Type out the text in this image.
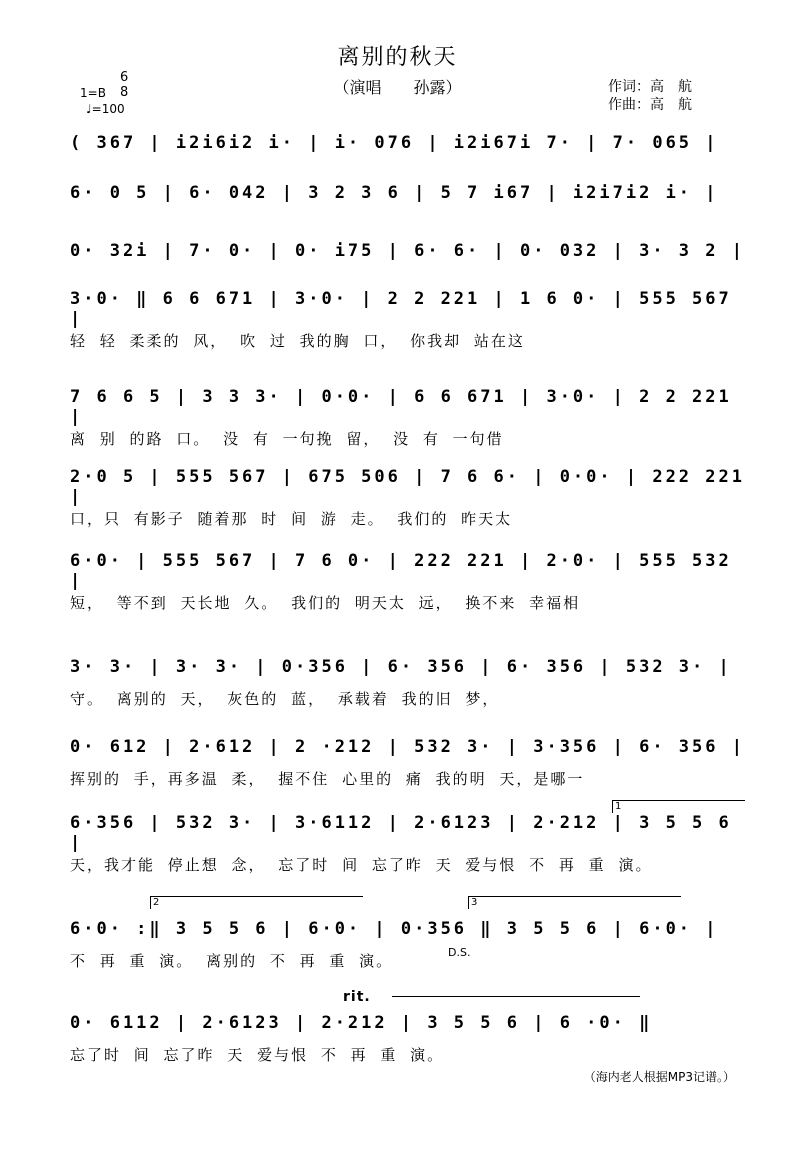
离别的秋天
（演唱　　孙露）
1=B
6
8
♩=100
作词：高　航
作曲：高　航
( 367 | i2i6i2 i· | i· 076 | i2i67i 7· | 7· 065 |
6· 0 5 | 6· 042 | 3 2 3 6 | 5 7 i67 | i2i7i2 i· |
0· 32i | 7· 0· | 0· i75 | 6· 6· | 0· 032 | 3· 3 2 |
3·0· ‖ 6 6 671 | 3·0· | 2 2 221 | 1 6 0· | 555 567 |
轻 轻 柔柔的 风， 吹 过 我的胸 口， 你我却 站在这
7 6 6 5 | 3 3 3· | 0·0· | 6 6 671 | 3·0· | 2 2 221 |
离 别 的路 口。 没 有 一句挽 留， 没 有 一句借
2·0 5 | 555 567 | 675 506 | 7 6 6· | 0·0· | 222 221 |
口，只 有影子 随着那 时 间 游 走。 我们的 昨天太
6·0· | 555 567 | 7 6 0· | 222 221 | 2·0· | 555 532 |
短， 等不到 天长地 久。 我们的 明天太 远， 换不来 幸福相
3· 3· | 3· 3· | 0·356 | 6· 356 | 6· 356 | 532 3· |
守。 离别的 天， 灰色的 蓝， 承载着 我的旧 梦，
0· 612 | 2·612 | 2 ·212 | 532 3· | 3·356 | 6· 356 |
挥别的 手，再多温 柔， 握不住 心里的 痛 我的明 天，是哪一
6·356 | 532 3· | 3·6112 | 2·6123 | 2·212 | 3 5 5 6 |
天，我才能 停止想 念， 忘了时 间 忘了昨 天 爱与恨 不 再 重 演。
6·0· :‖ 3 5 5 6 | 6·0· | 0·356 ‖ 3 5 5 6 | 6·0· |
不 再 重 演。 离别的 不 再 重 演。
0· 6112 | 2·6123 | 2·212 | 3 5 5 6 | 6 ·0· ‖
忘了时 间 忘了昨 天 爱与恨 不 再 重 演。
1
2	3
D.S.
rit.
（海内老人根据MP3记谱。）
